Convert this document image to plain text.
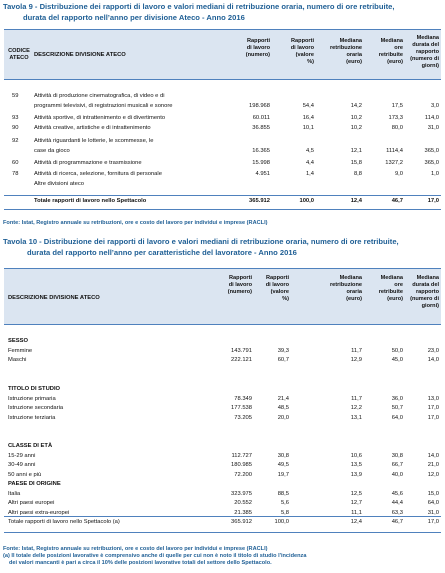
Tavola 9 - Distribuzione dei rapporti di lavoro e valori mediani di retribuzione oraria, numero di ore retribuite,
durata del rapporto nell’anno per divisione Ateco - Anno 2016
CODICE
ATECO DESCRIZIONE DIVISIONE ATECO
Rapporti
di lavoro
(numero)
Rapporti
di lavoro
(valore
%)
Mediana
retribuzione
oraria
(euro)
Mediana
ore
retribuite
(euro)
Mediana
durata del
rapporto
(numero di
giorni)
59	Attività di produzione cinematografica, di video e di
programmi televisivi, di registrazioni musicali e sonore	198.968	54,4	14,2	17,5	3,0
93	Attività sportive, di intrattenimento e di divertimento	60.011	16,4	10,2	173,3	114,0
90	Attività creative, artistiche e di intrattenimento	36.855	10,1	10,2	80,0	31,0
92	Attività riguardanti le lotterie, le scommesse, le
case da gioco	16.365	4,5	12,1	1114,4	365,0
60	Attività di programmazione e trasmissione	15.998	4,4	15,8	1327,2	365,0
78	Attività di ricerca, selezione, fornitura di personale	4.951	1,4	8,8	9,0	1,0
Altre divisioni ateco
Totale rapporti di lavoro nello Spettacolo	365.912	100,0	12,4	46,7	17,0
Fonte: Istat, Registro annuale su retribuzioni, ore e costo del lavoro per individui e imprese (RACLI)
Tavola 10 - Distribuzione dei rapporti di lavoro e valori mediani di retribuzione oraria, numero di ore retribuite,
durata del rapporto nell’anno per caratteristiche del lavoratore - Anno 2016
DESCRIZIONE DIVISIONE ATECO
Rapporti
di lavoro
(numero)
Rapporti
di lavoro
(valore
%)
Mediana
retribuzione
oraria
(euro)
Mediana
ore
retribuite
(euro)
Mediana
durata del
rapporto
(numero di
giorni)
SESSO
Femmine	143.791	39,3	11,7	50,0	23,0
Maschi	222.121	60,7	12,9	45,0	14,0
TITOLO DI STUDIO
Istruzione primaria	78.349	21,4	11,7	36,0	13,0
Istruzione secondaria	177.538	48,5	12,2	50,7	17,0
Istruzione terziaria	73.205	20,0	13,1	64,0	17,0
CLASSE DI ETÀ
15-29 anni	112.727	30,8	10,6	30,8	14,0
30-49 anni	180.985	49,5	13,5	66,7	21,0
50 anni e più	72.200	19,7	13,9	40,0	12,0
PAESE DI ORIGINE
Italia	323.975	88,5	12,5	45,6	15,0
Altri paesi europei	20.552	5,6	12,7	44,4	64,0
Altri paesi extra-europei	21.385	5,8	11,1	63,3	31,0
Totale rapporti di lavoro nello Spettacolo (a)	365.912	100,0	12,4	46,7	17,0
Fonte: Istat, Registro annuale su retribuzioni, ore e costo del lavoro per individui e imprese (RACLI)
(a) Il totale delle posizioni lavorative è comprensivo anche di quelle per cui non è noto il titolo di studio l'incidenza
dei valori mancanti è pari a circa il 10% delle posizioni lavorative totali del settore dello Spettacolo.
